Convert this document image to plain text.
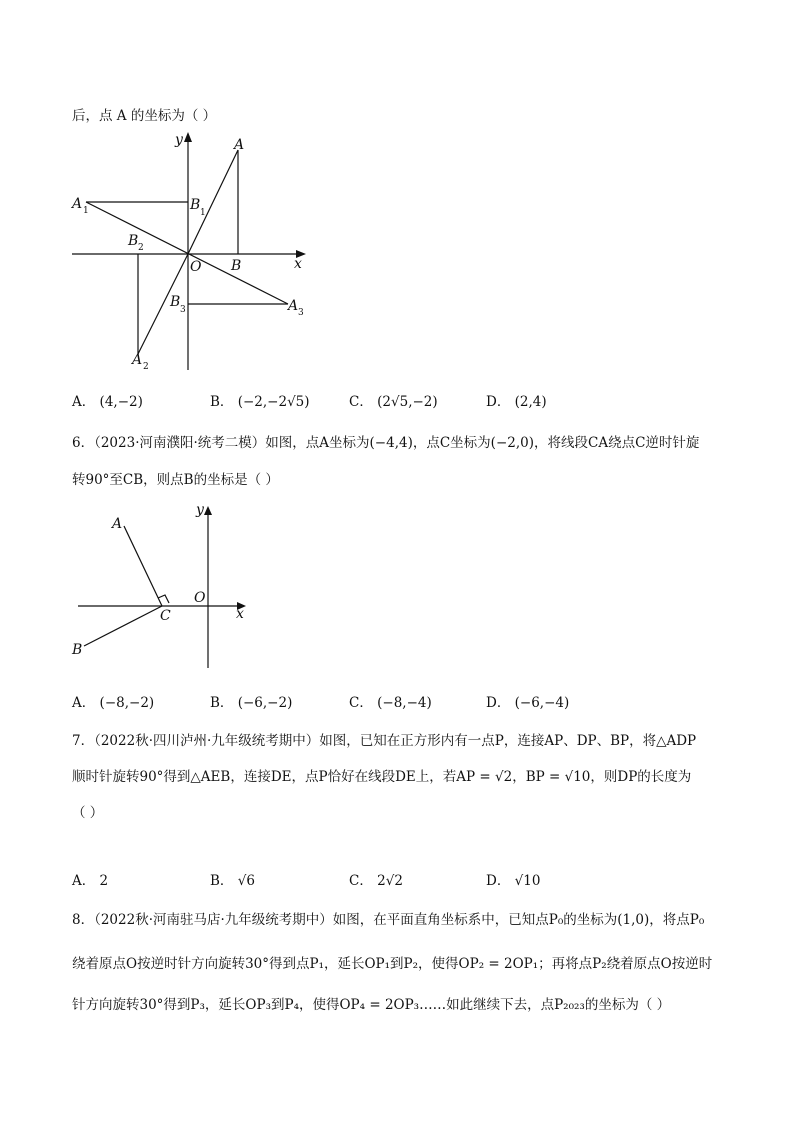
后，点 A 的坐标为（ ）
y
x
O
A
B
A 1	B 1
B 2
A 2
B 3	A 3
A． (4,−2)	B． (−2,−2√5)	C． (2√5,−2)	D． (2,4)
6．（2023·河南濮阳·统考二模）如图，点A坐标为(−4,4)，点C坐标为(−2,0)，将线段CA绕点C逆时针旋
转90°至CB，则点B的坐标是（ ）
A
B
C
O
x
y
A． (−8,−2)	B． (−6,−2)	C． (−8,−4)	D． (−6,−4)
7．（2022秋·四川泸州·九年级统考期中）如图，已知在正方形内有一点P，连接AP、DP、BP，将△ADP
顺时针旋转90°得到△AEB，连接DE，点P恰好在线段DE上，若AP = √2，BP = √10，则DP的长度为
（ ）
A． 2	B． √6	C． 2√2	D． √10
8．（2022秋·河南驻马店·九年级统考期中）如图，在平面直角坐标系中，已知点P₀的坐标为(1,0)，将点P₀
绕着原点O按逆时针方向旋转30°得到点P₁，延长OP₁到P₂，使得OP₂ = 2OP₁；再将点P₂绕着原点O按逆时
针方向旋转30°得到P₃，延长OP₃到P₄，使得OP₄ = 2OP₃……如此继续下去，点P₂₀₂₃的坐标为（ ）
